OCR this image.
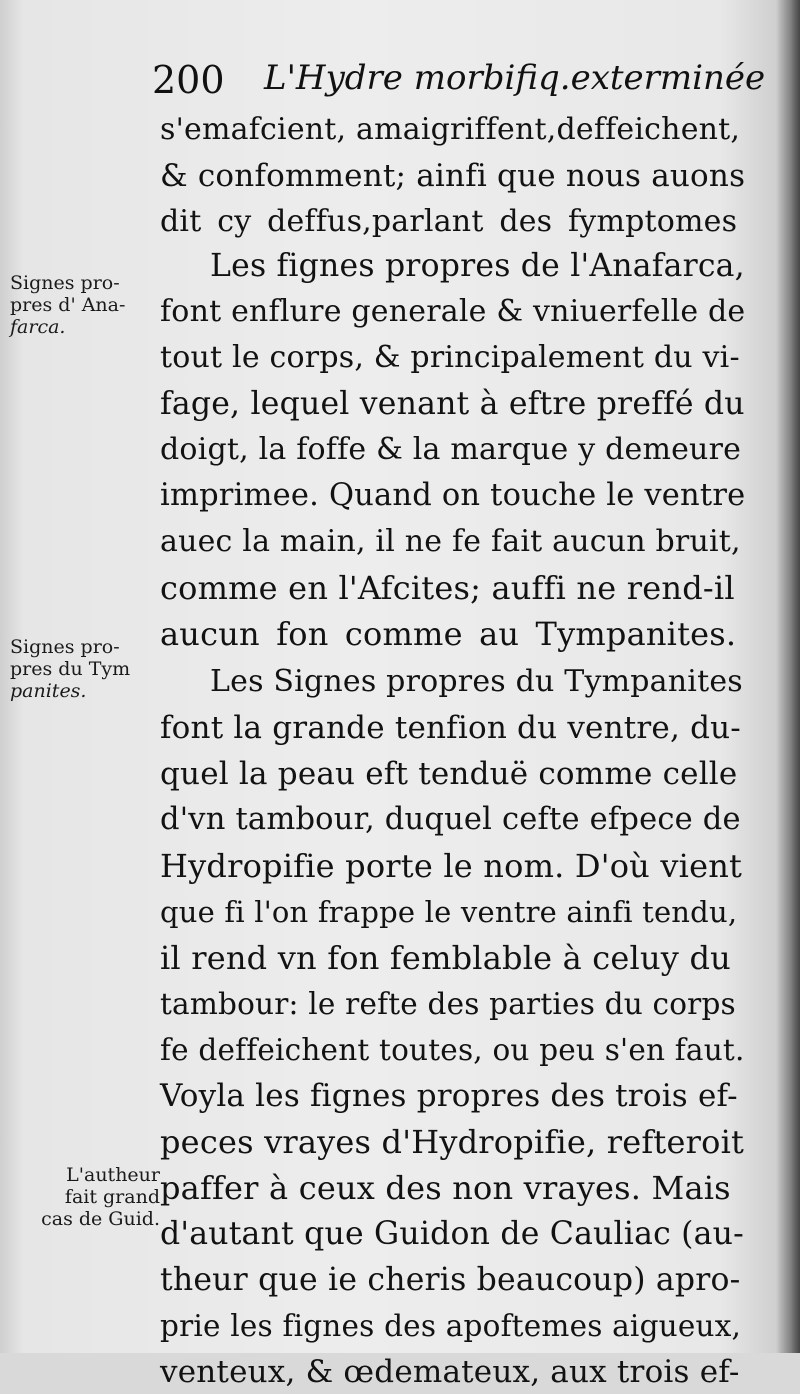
200 L'Hydre morbifiq.exterminée
s'emafcient, amaigriffent,deffeichent,
& confomment; ainfi que nous auons
dit cy deffus,parlant des fymptomes
Les fignes propres de l'Anafarca,
font enflure generale & vniuerfelle de
tout le corps, & principalement du vi-
fage, lequel venant à eftre preffé du
doigt, la foffe & la marque y demeure
imprimee. Quand on touche le ventre
auec la main, il ne fe fait aucun bruit,
comme en l'Afcites; auffi ne rend-il
aucun fon comme au Tympanites.
Les Signes propres du Tympanites
font la grande tenfion du ventre, du-
quel la peau eft tenduë comme celle
d'vn tambour, duquel cefte efpece de
Hydropifie porte le nom. D'où vient
que fi l'on frappe le ventre ainfi tendu,
il rend vn fon femblable à celuy du
tambour: le refte des parties du corps
fe deffeichent toutes, ou peu s'en faut.
Voyla les fignes propres des trois ef-
peces vrayes d'Hydropifie, refteroit
paffer à ceux des non vrayes. Mais
d'autant que Guidon de Cauliac (au-
theur que ie cheris beaucoup) apro-
prie les fignes des apoftemes aigueux,
venteux, & œdemateux, aux trois ef-
Signes pro-
pres d' Ana-
farca.
Signes pro-
pres du Tym
panites.
L'autheur
fait grand
cas de Guid.
